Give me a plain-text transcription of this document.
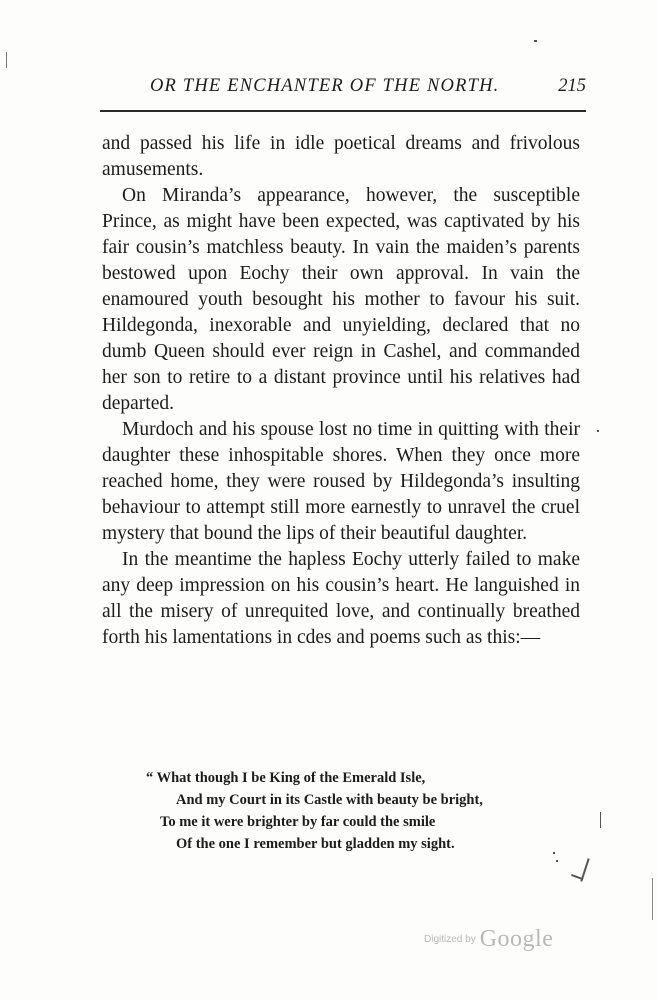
OR THE ENCHANTER OF THE NORTH.	215

and passed his life in idle poetical dreams and frivolous amusements.

On Miranda’s appearance, however, the susceptible Prince, as might have been expected, was captivated by his fair cousin’s matchless beauty. In vain the maiden’s parents bestowed upon Eochy their own approval. In vain the enamoured youth besought his mother to favour his suit. Hildegonda, inexorable and unyielding, declared that no dumb Queen should ever reign in Cashel, and commanded her son to retire to a distant province until his relatives had departed.

Murdoch and his spouse lost no time in quitting with their daughter these inhospitable shores. When they once more reached home, they were roused by Hildegonda’s insulting behaviour to attempt still more earnestly to unravel the cruel mystery that bound the lips of their beautiful daughter.

In the meantime the hapless Eochy utterly failed to make any deep impression on his cousin’s heart. He languished in all the misery of unrequited love, and continually breathed forth his lamentations in cdes and poems such as this:—

“ What though I be King of the Emerald Isle,
And my Court in its Castle with beauty be bright,
To me it were brighter by far could the smile
Of the one I remember but gladden my sight.
Digitized by Google
